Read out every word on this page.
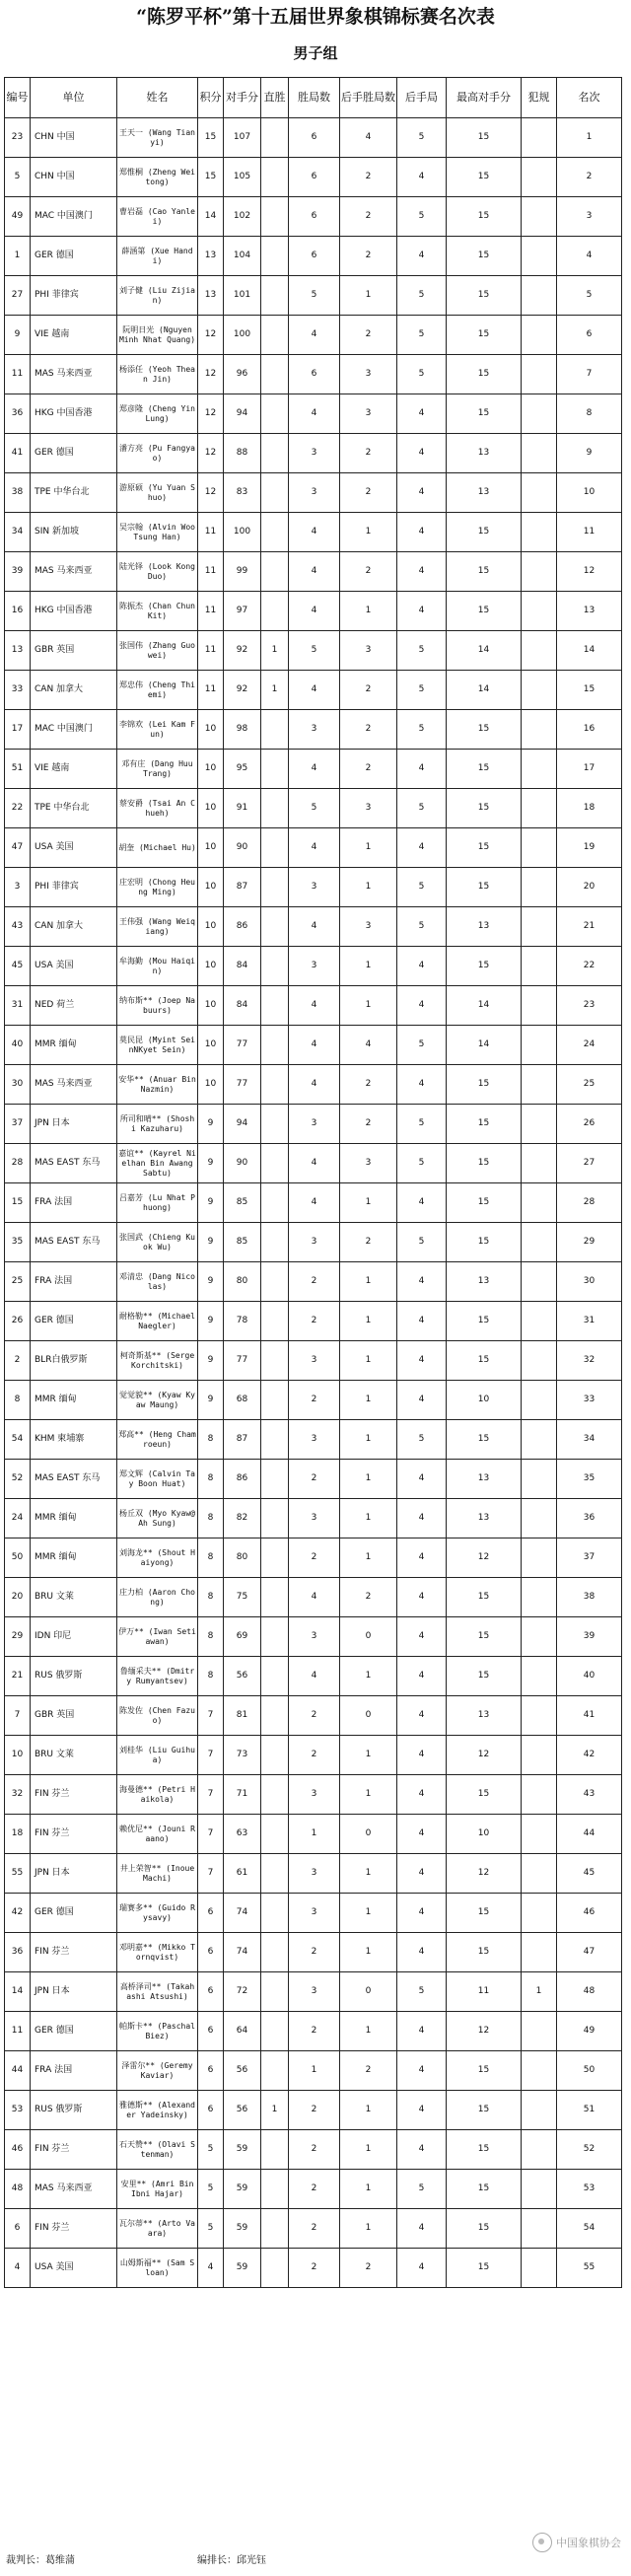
“陈罗平杯”第十五届世界象棋锦标赛名次表
男子组
编号	单位	姓名	积分	对手分	直胜	胜局数	后手胜局数	后手局	最高对手分	犯规	名次
23	CHN 中国	王天一 (Wang Tianyi)	15	107		6	4	5	15		1
5	CHN 中国	郑惟桐 (Zheng Weitong)	15	105		6	2	4	15		2
49	MAC 中国澳门	曹岩磊 (Cao Yanlei)	14	102		6	2	5	15		3
1	GER 德国	薛涵第 (Xue Handi)	13	104		6	2	4	15		4
27	PHI 菲律宾	刘子健 (Liu Zijian)	13	101		5	1	5	15		5
9	VIE 越南	阮明日光 (Nguyen Minh Nhat Quang)	12	100		4	2	5	15		6
11	MAS 马来西亚	杨添任 (Yeoh Thean Jin)	12	96		6	3	5	15		7
36	HKG 中国香港	郑彦隆 (Cheng Yin Lung)	12	94		4	3	4	15		8
41	GER 德国	潘方亮 (Pu Fangyao)	12	88		3	2	4	13		9
38	TPE 中华台北	游原硕 (Yu Yuan Shuo)	12	83		3	2	4	13		10
34	SIN 新加坡	吴宗翰 (Alvin Woo Tsung Han)	11	100		4	1	4	15		11
39	MAS 马来西亚	陆光铎 (Look Kong Duo)	11	99		4	2	4	15		12
16	HKG 中国香港	陈振杰 (Chan Chun Kit)	11	97		4	1	4	15		13
13	GBR 英国	张国伟 (Zhang Guowei)	11	92	1	5	3	5	14		14
33	CAN 加拿大	郑忠伟 (Cheng Thiemi)	11	92	1	4	2	5	14		15
17	MAC 中国澳门	李锦欢 (Lei Kam Fun)	10	98		3	2	5	15		16
51	VIE 越南	邓有庄 (Dang Huu Trang)	10	95		4	2	4	15		17
22	TPE 中华台北	蔡安爵 (Tsai An Chueh)	10	91		5	3	5	15		18
47	USA 美国	胡奎 (Michael Hu)	10	90		4	1	4	15		19
3	PHI 菲律宾	庄宏明 (Chong Heung Ming)	10	87		3	1	5	15		20
43	CAN 加拿大	王伟强 (Wang Weiqiang)	10	86		4	3	5	13		21
45	USA 美国	牟海勤 (Mou Haiqin)	10	84		3	1	4	15		22
31	NED 荷兰	纳布斯** (Joep Nabuurs)	10	84		4	1	4	14		23
40	MMR 缅甸	莫民昆 (Myint SeinNKyet Sein)	10	77		4	4	5	14		24
30	MAS 马来西亚	安华** (Anuar Bin Nazmin)	10	77		4	2	4	15		25
37	JPN 日本	所司和晴** (Shoshi Kazuharu)	9	94		3	2	5	15		26
28	MAS EAST 东马	嘉谊** (Kayrel Nielhan Bin Awang Sabtu)	9	90		4	3	5	15		27
15	FRA 法国	吕嘉芳 (Lu Nhat Phuong)	9	85		4	1	4	15		28
35	MAS EAST 东马	张国武 (Chieng Kuok Wu)	9	85		3	2	5	15		29
25	FRA 法国	邓清忠 (Dang Nicolas)	9	80		2	1	4	13		30
26	GER 德国	耐格勒** (Michael Naegler)	9	78		2	1	4	15		31
2	BLR白俄罗斯	柯奇斯基** (Serge Korchitski)	9	77		3	1	4	15		32
8	MMR 缅甸	觉觉貌** (Kyaw Kyaw Maung)	9	68		2	1	4	10		33
54	KHM 柬埔寨	郑高** (Heng Chamroeun)	8	87		3	1	5	15		34
52	MAS EAST 东马	郑文辉 (Calvin Tay Boon Huat)	8	86		2	1	4	13		35
24	MMR 缅甸	杨丘双 (Myo Kyaw@Ah Sung)	8	82		3	1	4	13		36
50	MMR 缅甸	刘海龙** (Shout Haiyong)	8	80		2	1	4	12		37
20	BRU 文莱	庄力柏 (Aaron Chong)	8	75		4	2	4	15		38
29	IDN 印尼	伊万** (Iwan Setiawan)	8	69		3	0	4	15		39
21	RUS 俄罗斯	鲁缅采夫** (Dmitry Rumyantsev)	8	56		4	1	4	15		40
7	GBR 英国	陈发佐 (Chen Fazuo)	7	81		2	0	4	13		41
10	BRU 文莱	刘桂华 (Liu Guihua)	7	73		2	1	4	12		42
32	FIN 芬兰	海曼德** (Petri Haikola)	7	71		3	1	4	15		43
18	FIN 芬兰	赖优尼** (Jouni Raano)	7	63		1	0	4	10		44
55	JPN 日本	井上荣智** (Inoue Machi)	7	61		3	1	4	12		45
42	GER 德国	瑞赛多** (Guido Rysavy)	6	74		3	1	4	15		46
36	FIN 芬兰	邓明嘉** (Mikko Tornqvist)	6	74		2	1	4	15		47
14	JPN 日本	高桥泽司** (Takahashi Atsushi)	6	72		3	0	5	11	1	48
11	GER 德国	帕斯卡** (Paschal Biez)	6	64		2	1	4	12		49
44	FRA 法国	泽雷尔** (Geremy Kaviar)	6	56		1	2	4	15		50
53	RUS 俄罗斯	雅德斯** (Alexander Yadeinsky)	6	56	1	2	1	4	15		51
46	FIN 芬兰	石天赞** (Olavi Stenman)	5	59		2	1	4	15		52
48	MAS 马来西亚	安里** (Amri Bin Ibni Hajar)	5	59		2	1	5	15		53
6	FIN 芬兰	瓦尔蒂** (Arto Vaara)	5	59		2	1	4	15		54
4	USA 美国	山姆斯福** (Sam Sloan)	4	59		2	2	4	15		55
裁判长：葛维蒲	编排长：邱光钰
中国象棋协会
